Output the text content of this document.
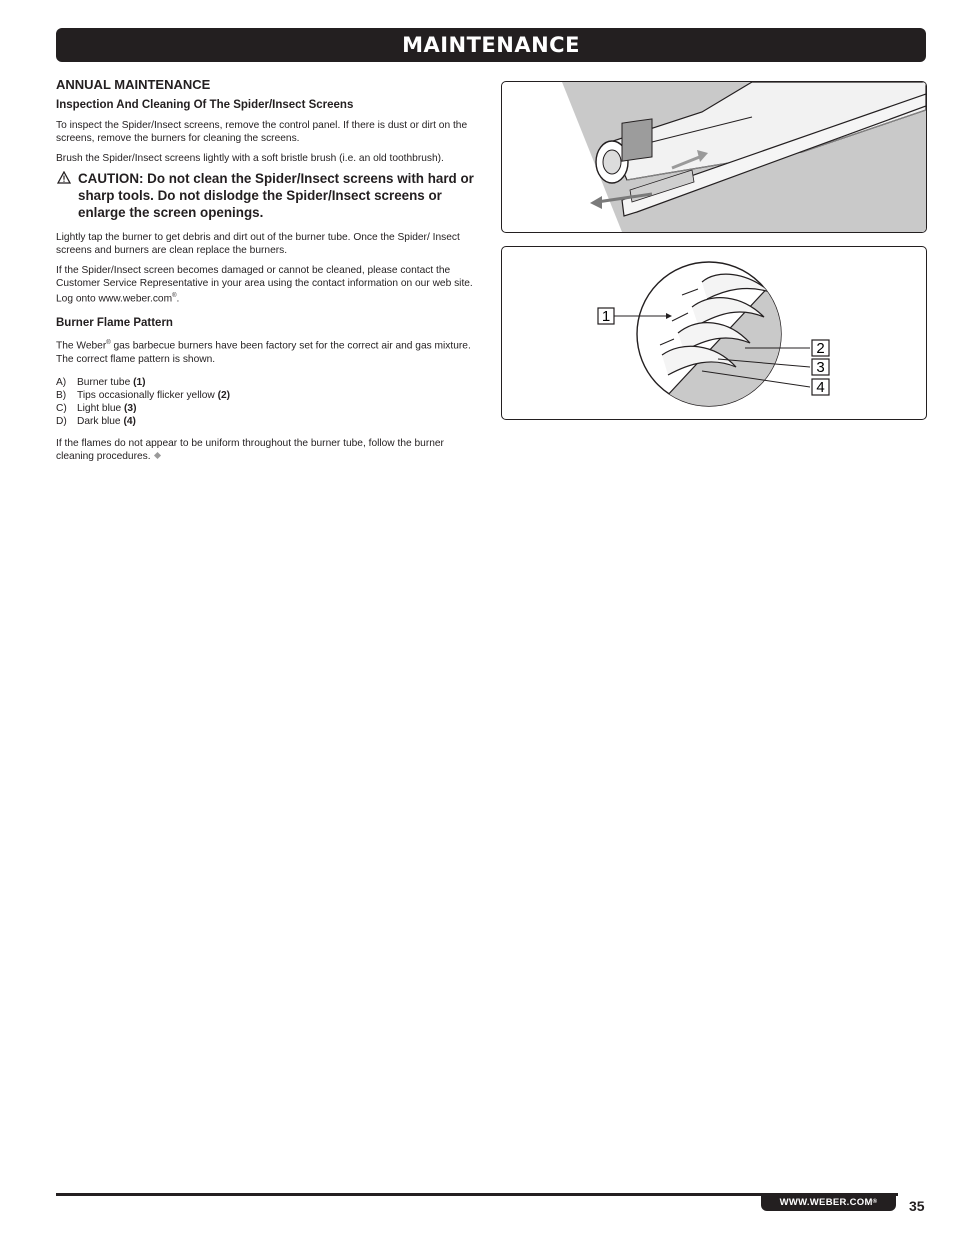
MAINTENANCE
ANNUAL MAINTENANCE
Inspection And Cleaning Of The Spider/Insect Screens

To inspect the Spider/Insect screens, remove the control panel. If there is dust or dirt on the screens, remove the burners for cleaning the screens.

Brush the Spider/Insect screens lightly with a soft bristle brush (i.e. an old toothbrush).

CAUTION: Do not clean the Spider/Insect screens with hard or sharp tools. Do not dislodge the Spider/Insect screens or enlarge the screen openings.

Lightly tap the burner to get debris and dirt out of the burner tube. Once the Spider/ Insect screens and burners are clean replace the burners.

If the Spider/Insect screen becomes damaged or cannot be cleaned, please contact the Customer Service Representative in your area using the contact information on our web site. Log onto www.weber.com®.

Burner Flame Pattern

The Weber® gas barbecue burners have been factory set for the correct air and gas mixture. The correct flame pattern is shown.

A)	Burner tube (1)
B)	Tips occasionally flicker yellow (2)
C)	Light blue (3)
D)	Dark blue (4)

If the flames do not appear to be uniform throughout the burner tube, follow the burner cleaning procedures.

1
2
3
4
WWW.WEBER.COM ® 35
